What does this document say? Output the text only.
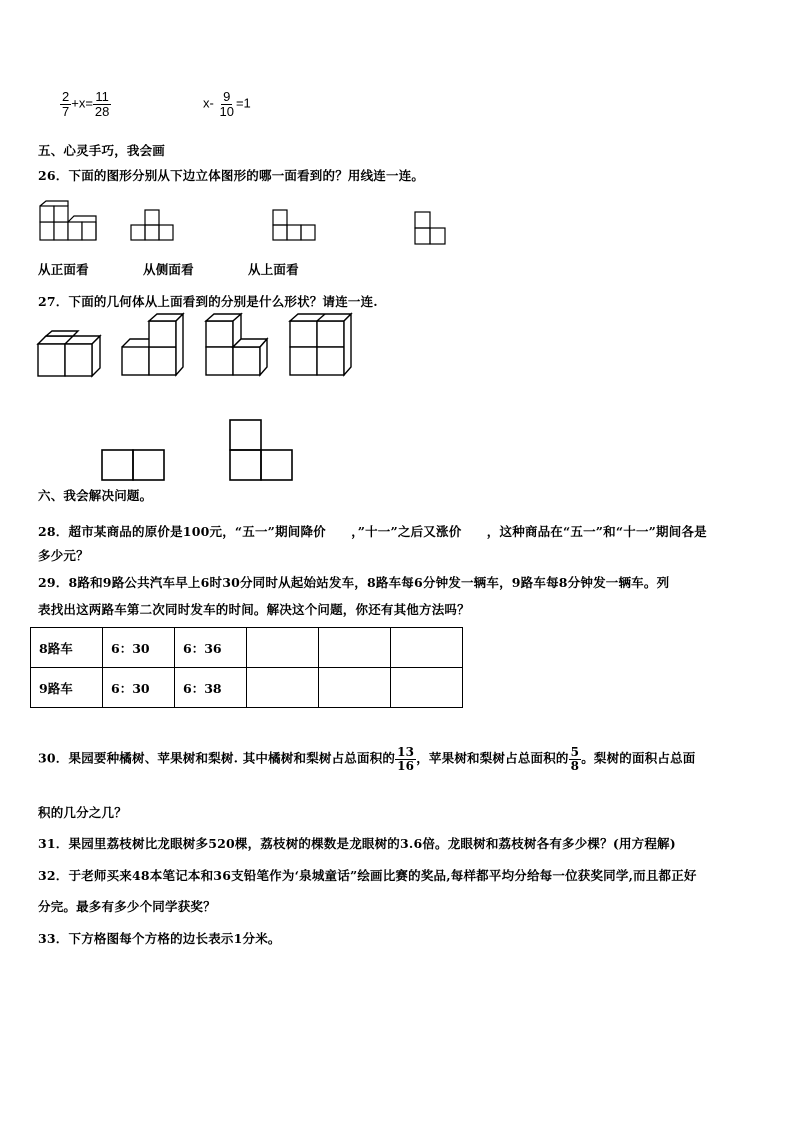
$\frac{2}{7} +x= \frac{11}{28}$	$x- \frac{9}{10} =1$
五、心灵手巧，我会画
26．下面的图形分别从下边立体图形的哪一面看到的？用线连一连。
从正面看	从侧面看	从上面看
27．下面的几何体从上面看到的分别是什么形状？请连一连.
六、我会解决问题。
28．超市某商品的原价是100元，“五一”期间降价　　，”十一”之后又涨价　　，这种商品在“五一”和“十一”期间各是
多少元？
29．8路和9路公共汽车早上6时30分同时从起始站发车，8路车每6分钟发一辆车，9路车每8分钟发一辆车。列
表找出这两路车第二次同时发车的时间。解决这个问题，你还有其他方法吗？
8路车	6：30	6：36			
9路车	6：30	6：38			
30．果园要种橘树、苹果树和梨树. 其中橘树和梨树占总面积的 $\frac{13}{16}$ ，苹果树和梨树占总面积的 $\frac{5}{8}$ 。梨树的面积占总面
积的几分之几？
31．果园里荔枝树比龙眼树多520棵，荔枝树的棵数是龙眼树的3.6倍。龙眼树和荔枝树各有多少棵？(用方程解)
32．于老师买来48本笔记本和36支铅笔作为‘泉城童话”绘画比赛的奖品,每样都平均分给每一位获奖同学,而且都正好
分完。最多有多少个同学获奖？
33．下方格图每个方格的边长表示1分米。
